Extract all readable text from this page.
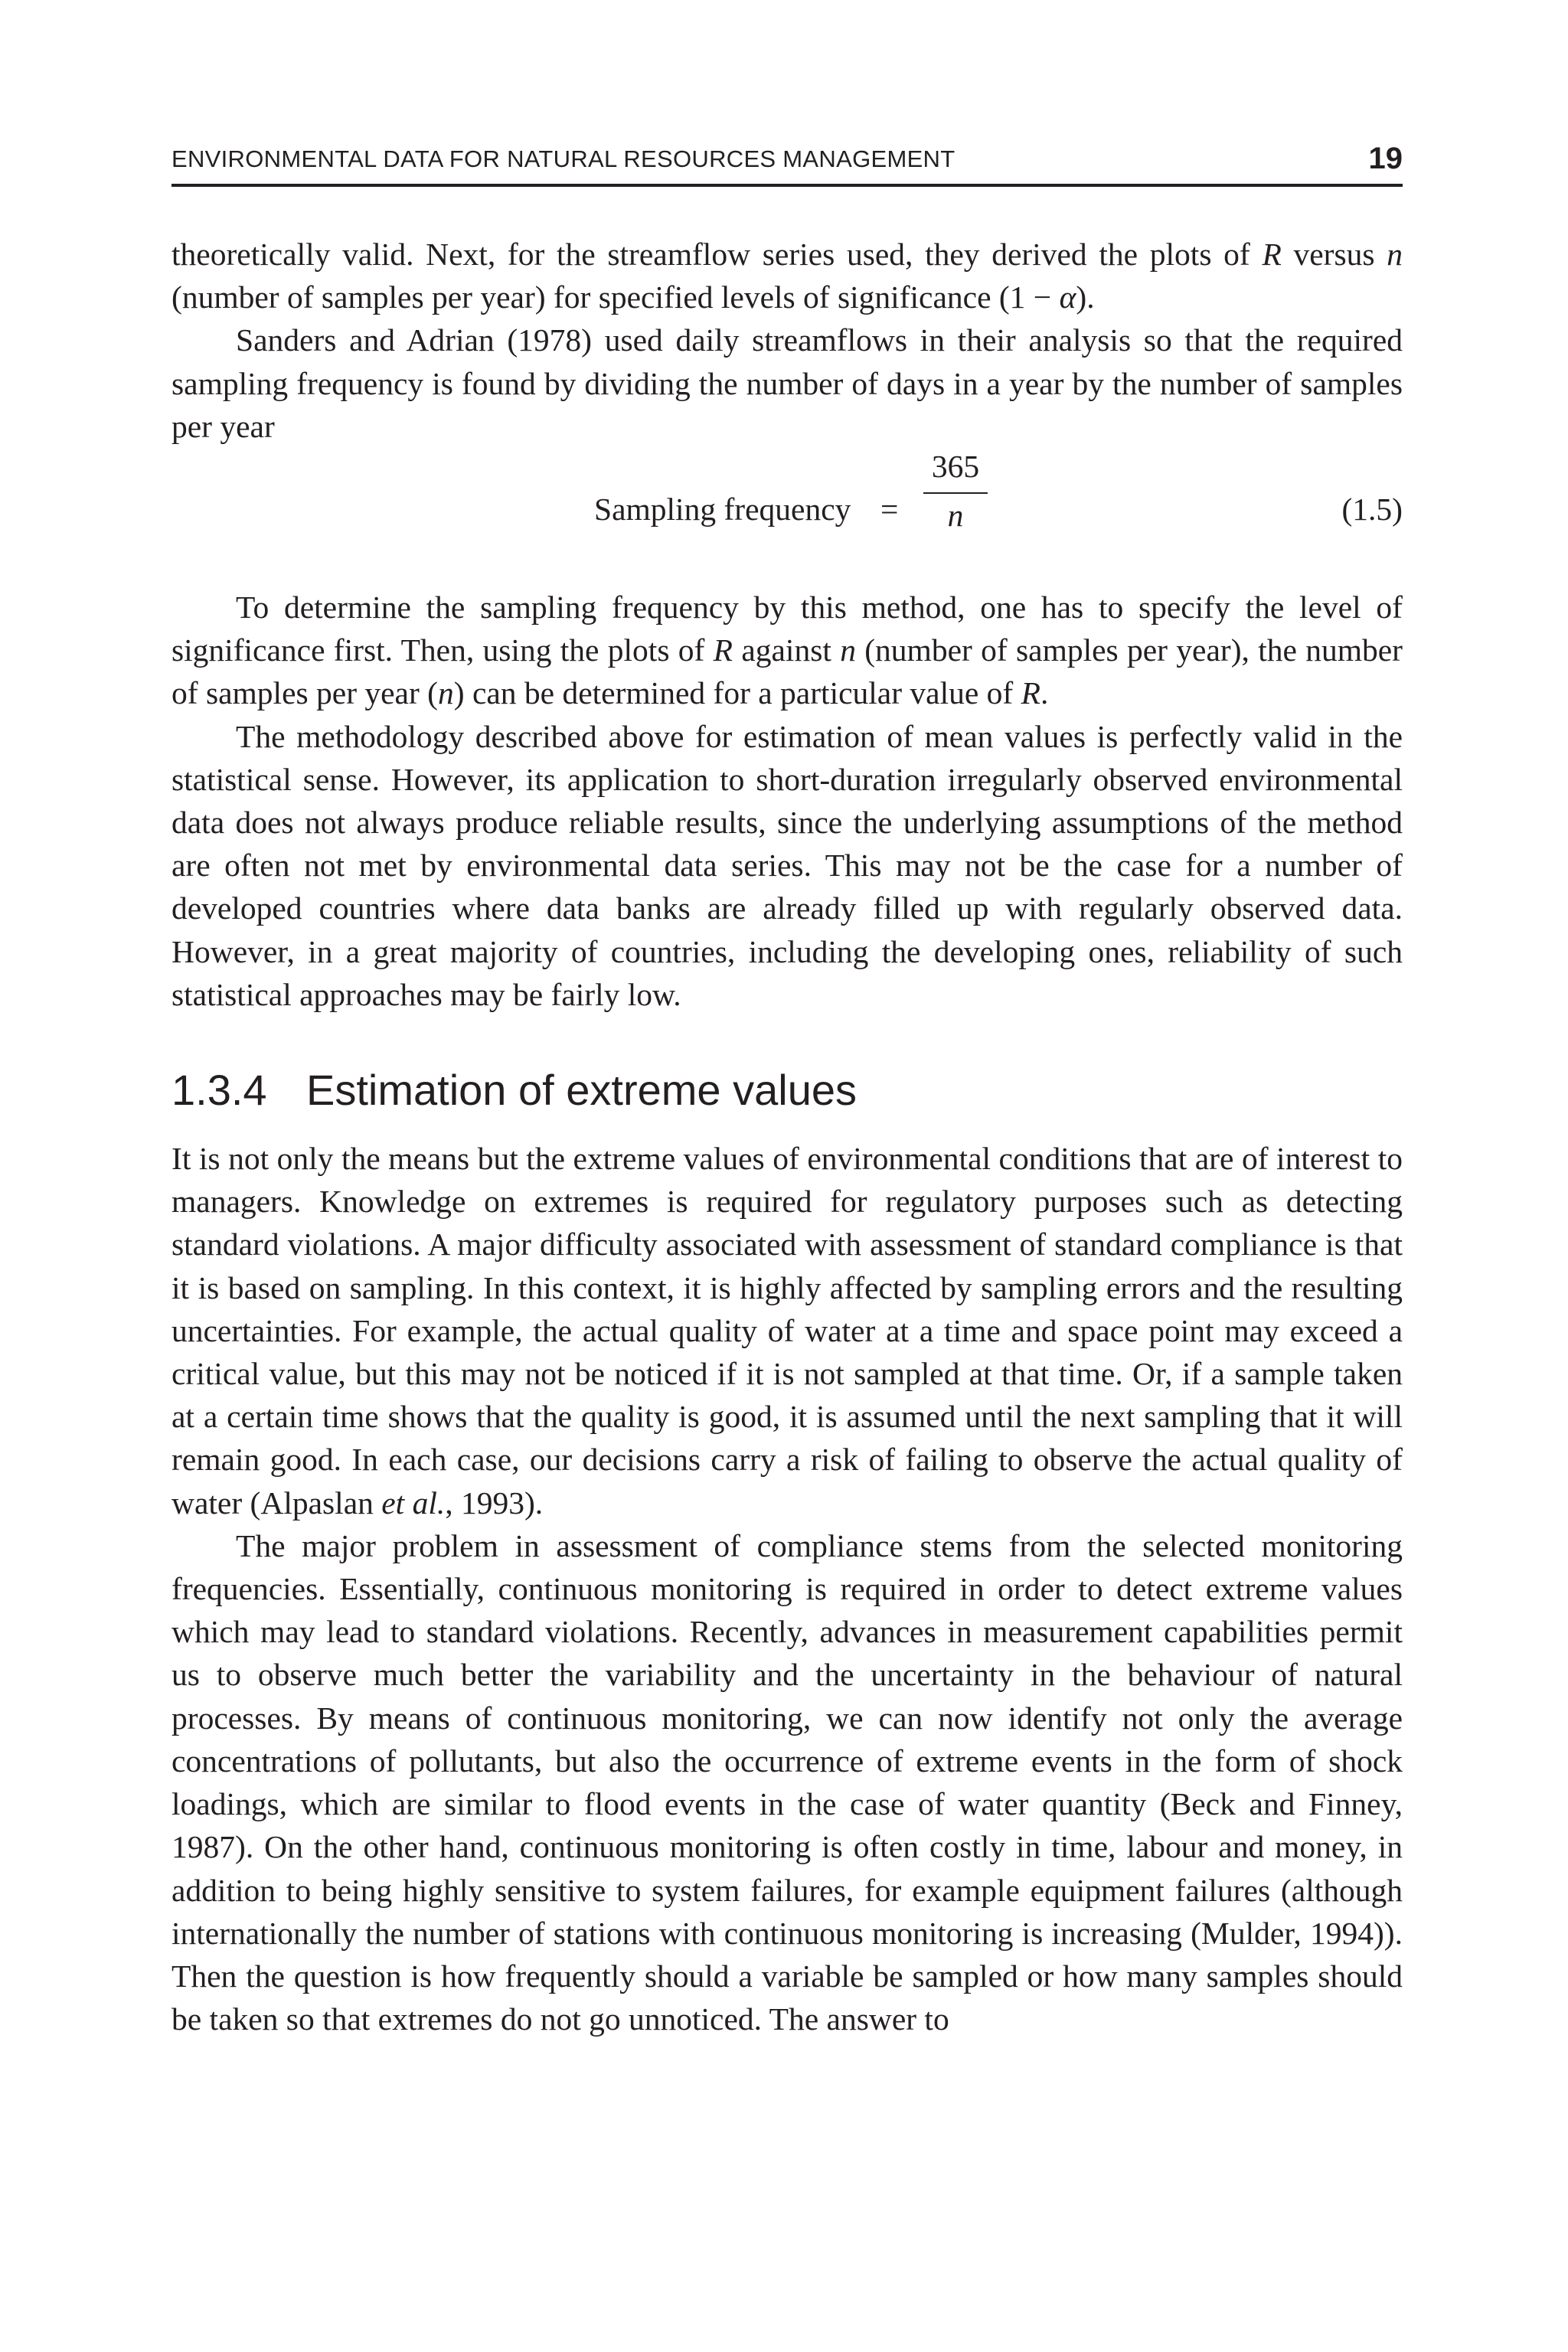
ENVIRONMENTAL DATA FOR NATURAL RESOURCES MANAGEMENT	19

theoretically valid. Next, for the streamflow series used, they derived the plots of R versus n (number of samples per year) for specified levels of significance (1 − α).

Sanders and Adrian (1978) used daily streamflows in their analysis so that the required sampling frequency is found by dividing the number of days in a year by the number of samples per year

Sampling frequency =
365
n	(1.5)

To determine the sampling frequency by this method, one has to specify the level of significance first. Then, using the plots of R against n (number of samples per year), the number of samples per year (n) can be determined for a particular value of R.

The methodology described above for estimation of mean values is perfectly valid in the statistical sense. However, its application to short-duration irregularly observed environmental data does not always produce reliable results, since the underlying assumptions of the method are often not met by environmental data series. This may not be the case for a number of developed countries where data banks are already filled up with regularly observed data. However, in a great majority of countries, including the developing ones, reliability of such statistical approaches may be fairly low.

1.3.4 Estimation of extreme values

It is not only the means but the extreme values of environmental conditions that are of interest to managers. Knowledge on extremes is required for regulatory purposes such as detecting standard violations. A major difficulty associated with assessment of standard compliance is that it is based on sampling. In this context, it is highly affected by sampling errors and the resulting uncertainties. For example, the actual quality of water at a time and space point may exceed a critical value, but this may not be noticed if it is not sampled at that time. Or, if a sample taken at a certain time shows that the quality is good, it is assumed until the next sampling that it will remain good. In each case, our decisions carry a risk of failing to observe the actual quality of water (Alpaslan et al., 1993).

The major problem in assessment of compliance stems from the selected monitoring frequencies. Essentially, continuous monitoring is required in order to detect extreme values which may lead to standard violations. Recently, advances in measurement capabilities permit us to observe much better the variability and the uncertainty in the behaviour of natural processes. By means of continuous monitoring, we can now identify not only the average concentrations of pollutants, but also the occurrence of extreme events in the form of shock loadings, which are similar to flood events in the case of water quantity (Beck and Finney, 1987). On the other hand, continuous monitoring is often costly in time, labour and money, in addition to being highly sensitive to system failures, for example equipment failures (although internationally the number of stations with continuous monitoring is increasing (Mulder, 1994)). Then the question is how frequently should a variable be sampled or how many samples should be taken so that extremes do not go unnoticed. The answer to
